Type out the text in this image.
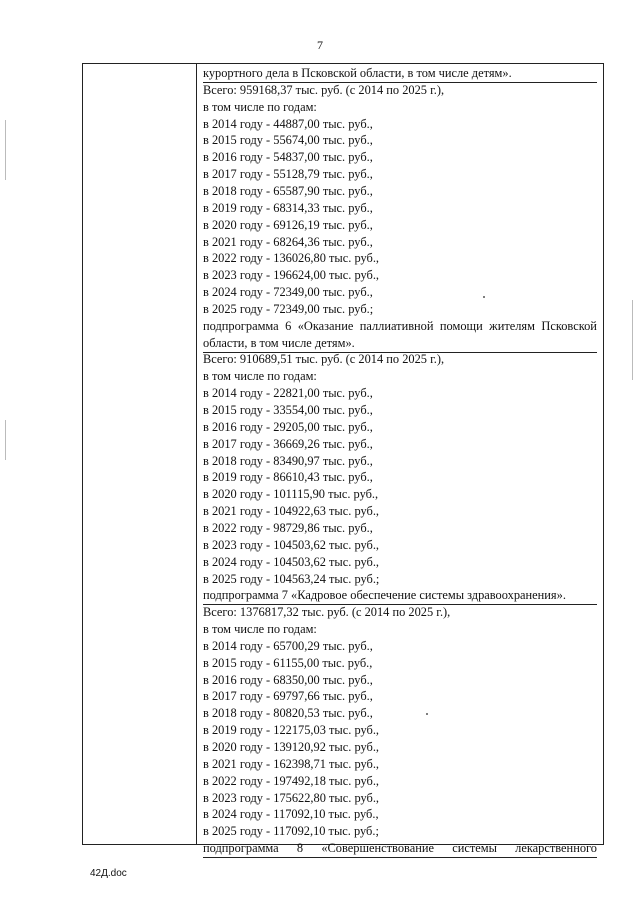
7
курортного дела в Псковской области, в том числе детям».
Всего: 959168,37 тыс. руб. (с 2014 по 2025 г.),
в том числе по годам:
в 2014 году - 44887,00 тыс. руб.,
в 2015 году - 55674,00 тыс. руб.,
в 2016 году - 54837,00 тыс. руб.,
в 2017 году - 55128,79 тыс. руб.,
в 2018 году - 65587,90 тыс. руб.,
в 2019 году - 68314,33 тыс. руб.,
в 2020 году - 69126,19 тыс. руб.,
в 2021 году - 68264,36 тыс. руб.,
в 2022 году - 136026,80 тыс. руб.,
в 2023 году - 196624,00 тыс. руб.,
в 2024 году - 72349,00 тыс. руб.,
в 2025 году - 72349,00 тыс. руб.;
подпрограмма 6 «Оказание паллиативной помощи жителям Псковской
области, в том числе детям».
Всего: 910689,51 тыс. руб. (с 2014 по 2025 г.),
в том числе по годам:
в 2014 году - 22821,00 тыс. руб.,
в 2015 году - 33554,00 тыс. руб.,
в 2016 году - 29205,00 тыс. руб.,
в 2017 году - 36669,26 тыс. руб.,
в 2018 году - 83490,97 тыс. руб.,
в 2019 году - 86610,43 тыс. руб.,
в 2020 году - 101115,90 тыс. руб.,
в 2021 году - 104922,63 тыс. руб.,
в 2022 году - 98729,86 тыс. руб.,
в 2023 году - 104503,62 тыс. руб.,
в 2024 году - 104503,62 тыс. руб.,
в 2025 году - 104563,24 тыс. руб.;
подпрограмма 7 «Кадровое обеспечение системы здравоохранения».
Всего: 1376817,32 тыс. руб. (с 2014 по 2025 г.),
в том числе по годам:
в 2014 году - 65700,29 тыс. руб.,
в 2015 году - 61155,00 тыс. руб.,
в 2016 году - 68350,00 тыс. руб.,
в 2017 году - 69797,66 тыс. руб.,
в 2018 году - 80820,53 тыс. руб.,
в 2019 году - 122175,03 тыс. руб.,
в 2020 году - 139120,92 тыс. руб.,
в 2021 году - 162398,71 тыс. руб.,
в 2022 году - 197492,18 тыс. руб.,
в 2023 году - 175622,80 тыс. руб.,
в 2024 году - 117092,10 тыс. руб.,
в 2025 году - 117092,10 тыс. руб.;
подпрограмма 8 «Совершенствование системы лекарственного
42Д.doc
